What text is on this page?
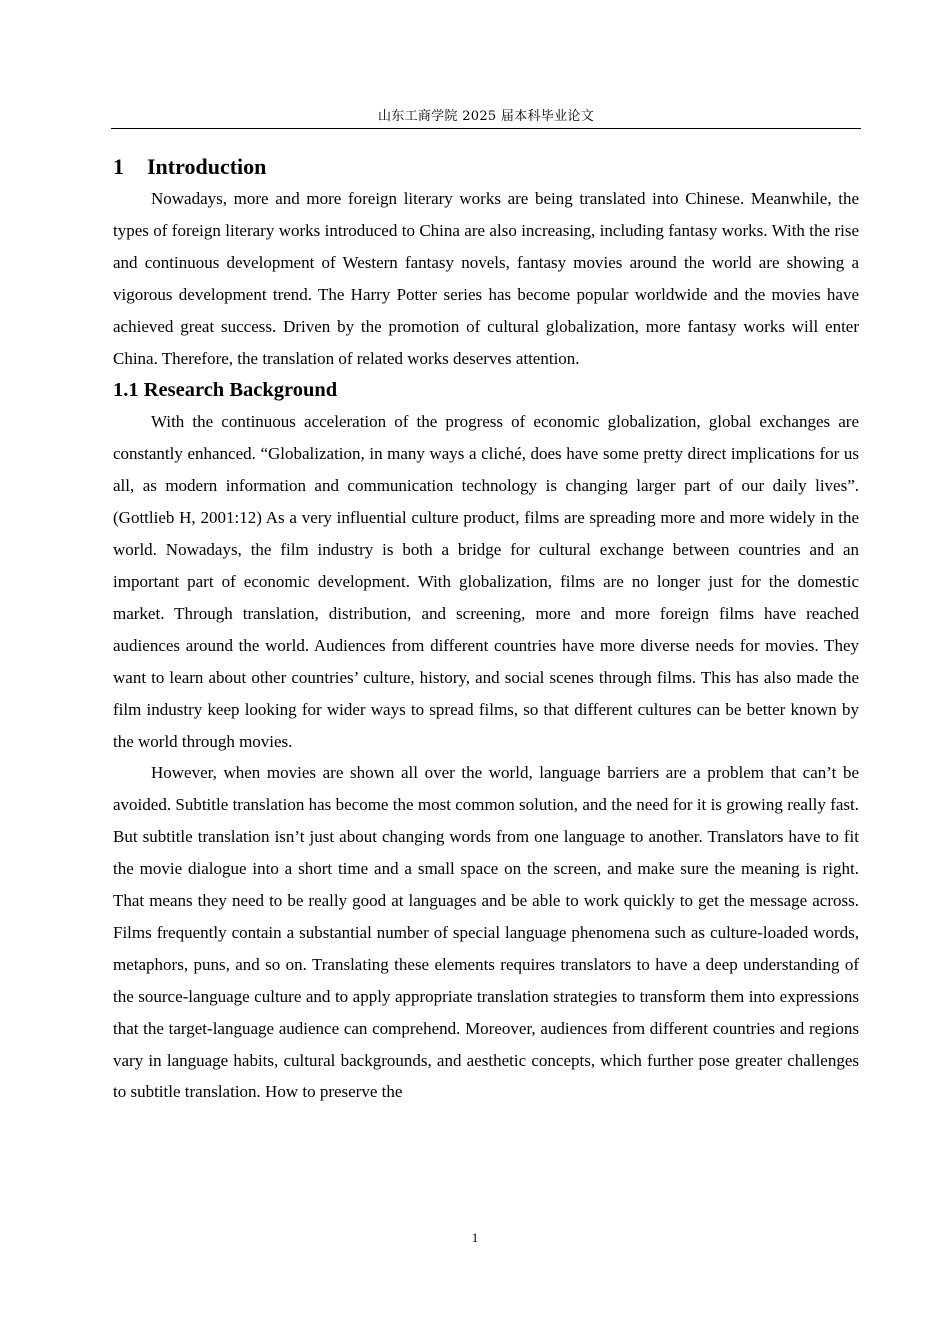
山东工商学院 2025 届本科毕业论文
1 Introduction

Nowadays, more and more foreign literary works are being translated into Chinese. Meanwhile, the types of foreign literary works introduced to China are also increasing, including fantasy works. With the rise and continuous development of Western fantasy novels, fantasy movies around the world are showing a vigorous development trend. The Harry Potter series has become popular worldwide and the movies have achieved great success. Driven by the promotion of cultural globalization, more fantasy works will enter China. Therefore, the translation of related works deserves attention.

1.1 Research Background

With the continuous acceleration of the progress of economic globalization, global exchanges are constantly enhanced. “Globalization, in many ways a cliché, does have some pretty direct implications for us all, as modern information and communication technology is changing larger part of our daily lives”. (Gottlieb H, 2001:12) As a very influential culture product, films are spreading more and more widely in the world. Nowadays, the film industry is both a bridge for cultural exchange between countries and an important part of economic development. With globalization, films are no longer just for the domestic market. Through translation, distribution, and screening, more and more foreign films have reached audiences around the world. Audiences from different countries have more diverse needs for movies. They want to learn about other countries’ culture, history, and social scenes through films. This has also made the film industry keep looking for wider ways to spread films, so that different cultures can be better known by the world through movies.

However, when movies are shown all over the world, language barriers are a problem that can’t be avoided. Subtitle translation has become the most common solution, and the need for it is growing really fast. But subtitle translation isn’t just about changing words from one language to another. Translators have to fit the movie dialogue into a short time and a small space on the screen, and make sure the meaning is right. That means they need to be really good at languages and be able to work quickly to get the message across. Films frequently contain a substantial number of special language phenomena such as culture-loaded words, metaphors, puns, and so on. Translating these elements requires translators to have a deep understanding of the source-language culture and to apply appropriate translation strategies to transform them into expressions that the target-language audience can comprehend. Moreover, audiences from different countries and regions vary in language habits, cultural backgrounds, and aesthetic concepts, which further pose greater challenges to subtitle translation. How to preserve the

1
